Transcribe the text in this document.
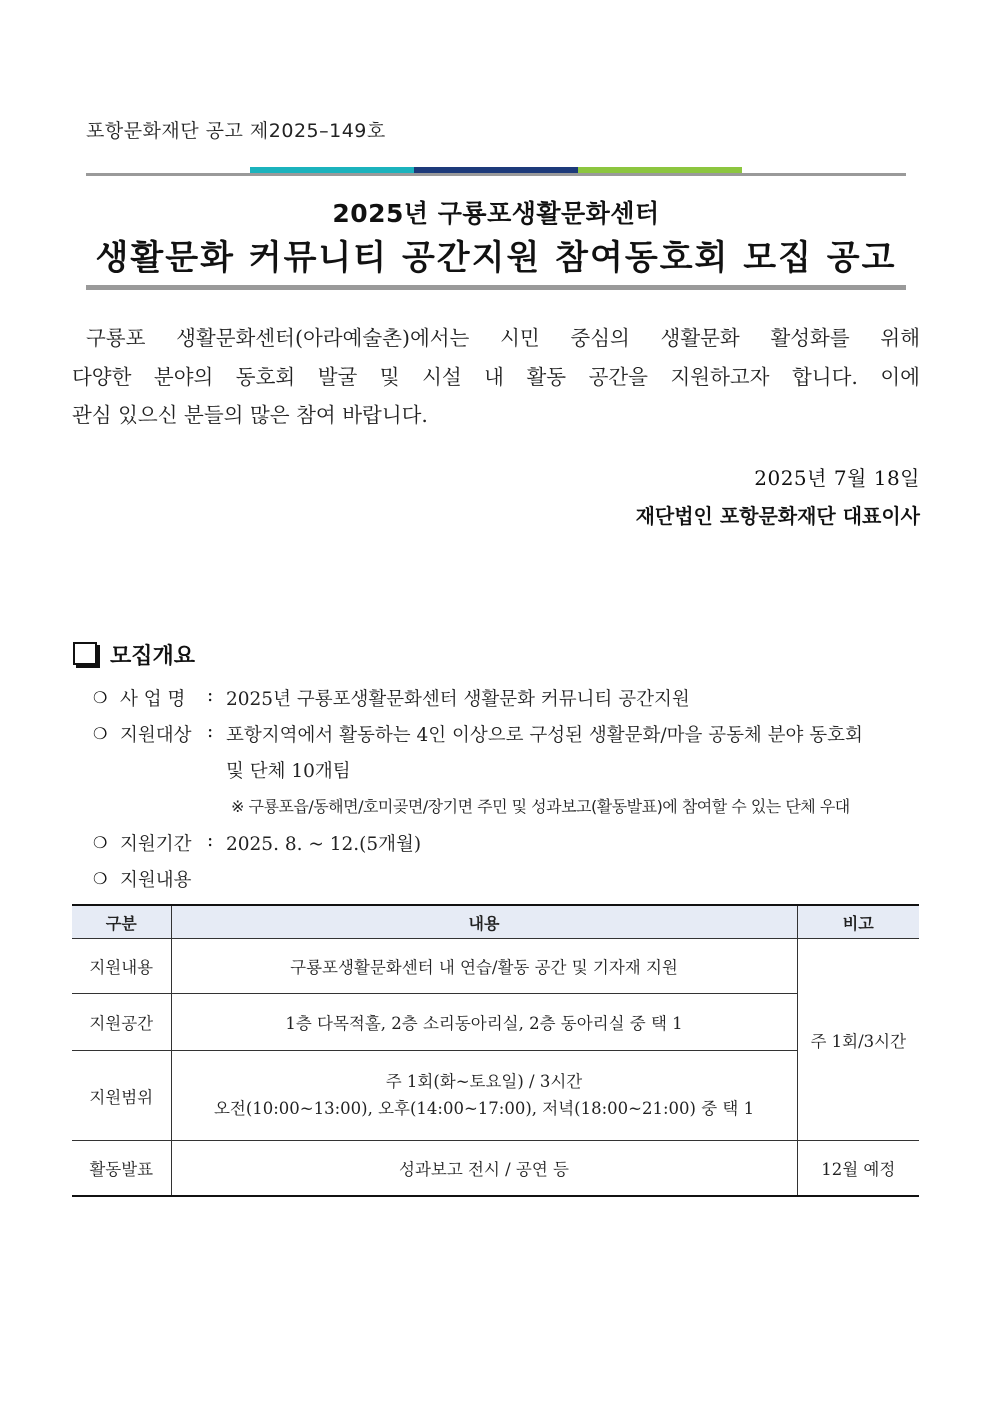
포항문화재단 공고 제2025–149호
2025년 구룡포생활문화센터
생활문화 커뮤니티 공간지원 참여동호회 모집 공고
구룡포 생활문화센터(아라예술촌)에서는 시민 중심의 생활문화 활성화를 위해
다양한 분야의 동호회 발굴 및 시설 내 활동 공간을 지원하고자 합니다. 이에
관심 있으신 분들의 많은 참여 바랍니다.
2025년 7월 18일
재단법인 포항문화재단 대표이사
모집개요
❍ 사 업 명 : 2025년 구룡포생활문화센터 생활문화 커뮤니티 공간지원
❍ 지원대상 : 포항지역에서 활동하는 4인 이상으로 구성된 생활문화/마을 공동체 분야 동호회
및 단체 10개팀
※ 구룡포읍/동해면/호미곶면/장기면 주민 및 성과보고(활동발표)에 참여할 수 있는 단체 우대
❍ 지원기간 : 2025. 8. ~ 12.(5개월)
❍ 지원내용
구분	내용	비고
지원내용	구룡포생활문화센터 내 연습/활동 공간 및 기자재 지원	주 1회/3시간
지원공간	1층 다목적홀, 2층 소리동아리실, 2층 동아리실 중 택 1	
지원범위	주 1회(화~토요일) / 3시간
오전(10:00~13:00), 오후(14:00~17:00), 저녁(18:00~21:00) 중 택 1	

활동발표	성과보고 전시 / 공연 등	12월 예정
